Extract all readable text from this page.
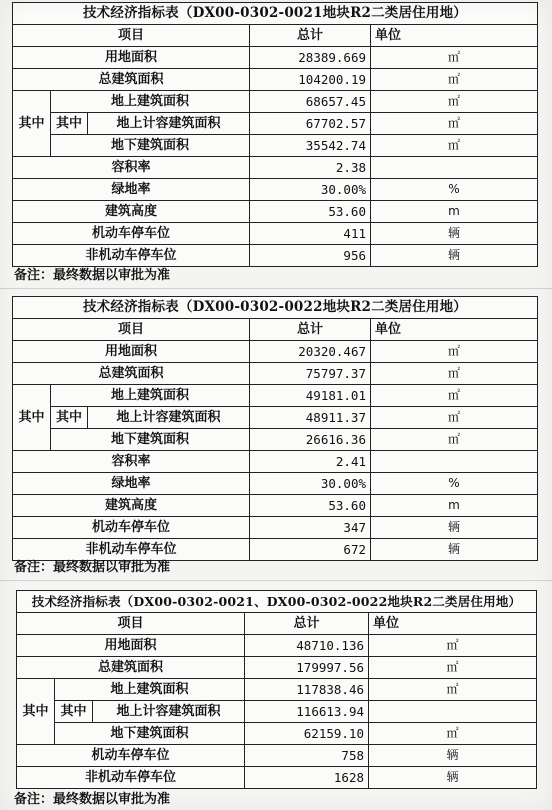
技术经济指标表（DX00-0302-0021地块R2二类居住用地）				
项目			总计	单位
用地面积			28389.669	㎡
总建筑面积			104200.19	㎡
其中	地上建筑面积		68657.45	㎡
	其中	地上计容建筑面积	67702.57	㎡
	地下建筑面积		35542.74	㎡
容积率			2.38	
绿地率			30.00%	%
建筑高度			53.60	m
机动车停车位			411	辆
非机动车停车位			956	辆
备注：最终数据以审批为准
技术经济指标表（DX00-0302-0022地块R2二类居住用地）				
项目			总计	单位
用地面积			20320.467	㎡
总建筑面积			75797.37	㎡
其中	地上建筑面积		49181.01	㎡
	其中	地上计容建筑面积	48911.37	㎡
	地下建筑面积		26616.36	㎡
容积率			2.41	
绿地率			30.00%	%
建筑高度			53.60	m
机动车停车位			347	辆
非机动车停车位			672	辆
备注：最终数据以审批为准
技术经济指标表（DX00-0302-0021、DX00-0302-0022地块R2二类居住用地）				
项目			总计	单位
用地面积			48710.136	㎡
总建筑面积			179997.56	㎡
其中	地上建筑面积		117838.46	㎡
	其中	地上计容建筑面积	116613.94	
	地下建筑面积		62159.10	㎡
机动车停车位			758	辆
非机动车停车位			1628	辆
备注：最终数据以审批为准
